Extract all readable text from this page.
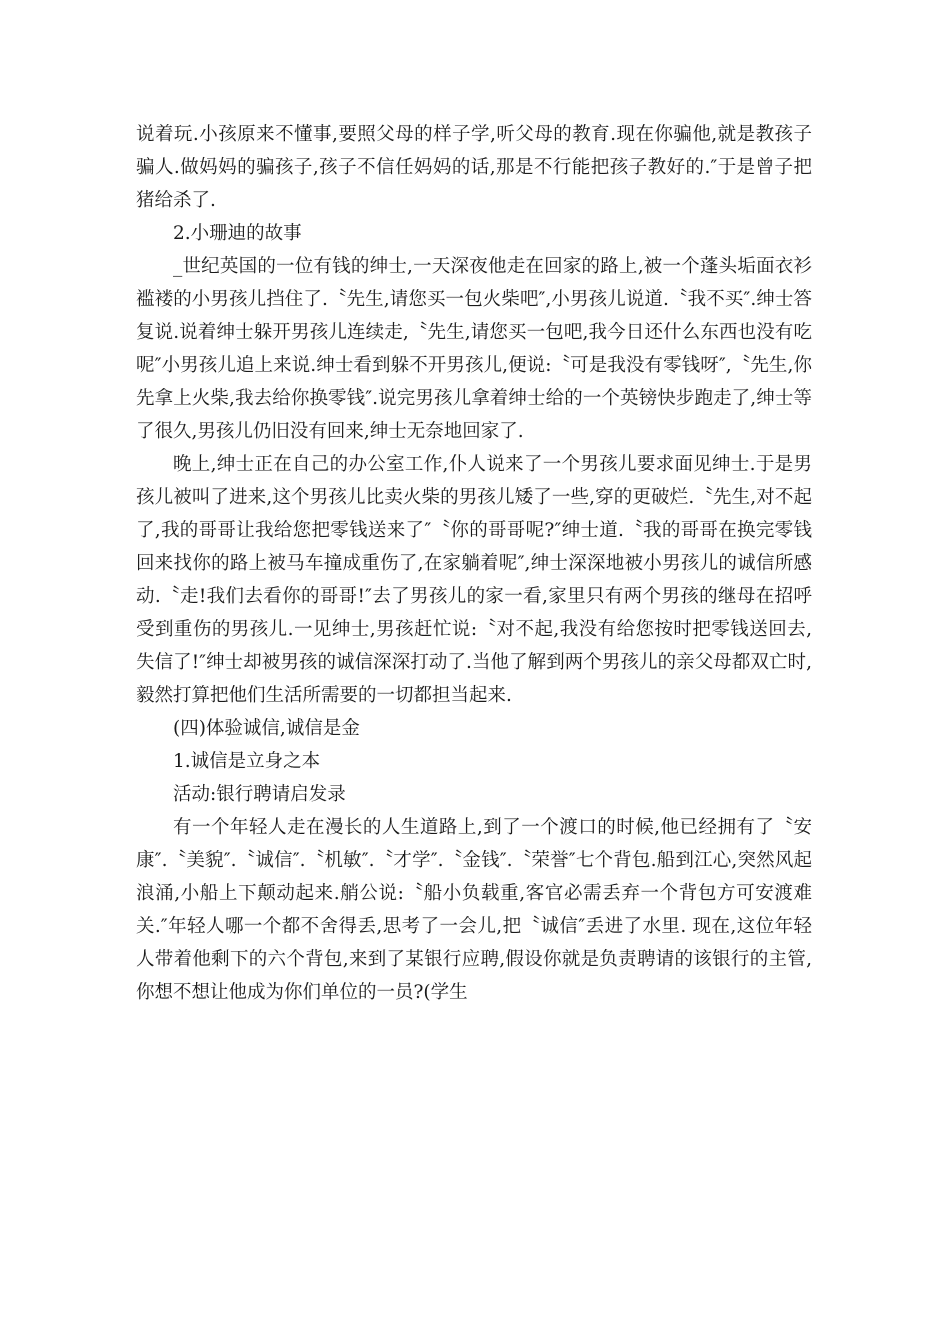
说着玩.小孩原来不懂事,要照父母的样子学,听父母的教育.现在你骗他,就是教孩子骗人.做妈妈的骗孩子,孩子不信任妈妈的话,那是不行能把孩子教好的.″于是曾子把猪给杀了.

2.小珊迪的故事

_世纪英国的一位有钱的绅士,一天深夜他走在回家的路上,被一个蓬头垢面衣衫褴褛的小男孩儿挡住了.〝先生,请您买一包火柴吧″,小男孩儿说道.〝我不买″.绅士答复说.说着绅士躲开男孩儿连续走,〝先生,请您买一包吧,我今日还什么东西也没有吃呢″小男孩儿追上来说.绅士看到躲不开男孩儿,便说:〝可是我没有零钱呀″,〝先生,你先拿上火柴,我去给你换零钱″.说完男孩儿拿着绅士给的一个英镑快步跑走了,绅士等了很久,男孩儿仍旧没有回来,绅士无奈地回家了.

晚上,绅士正在自己的办公室工作,仆人说来了一个男孩儿要求面见绅士.于是男孩儿被叫了进来,这个男孩儿比卖火柴的男孩儿矮了一些,穿的更破烂.〝先生,对不起了,我的哥哥让我给您把零钱送来了″〝你的哥哥呢?″绅士道.〝我的哥哥在换完零钱回来找你的路上被马车撞成重伤了,在家躺着呢″,绅士深深地被小男孩儿的诚信所感动.〝走!我们去看你的哥哥!″去了男孩儿的家一看,家里只有两个男孩的继母在招呼受到重伤的男孩儿.一见绅士,男孩赶忙说:〝对不起,我没有给您按时把零钱送回去,失信了!″绅士却被男孩的诚信深深打动了.当他了解到两个男孩儿的亲父母都双亡时,毅然打算把他们生活所需要的一切都担当起来.

(四)体验诚信,诚信是金

1.诚信是立身之本

活动:银行聘请启发录

有一个年轻人走在漫长的人生道路上,到了一个渡口的时候,他已经拥有了〝安康″.〝美貌″.〝诚信″.〝机敏″.〝才学″.〝金钱″.〝荣誉″七个背包.船到江心,突然风起浪涌,小船上下颠动起来.艄公说:〝船小负载重,客官必需丢弃一个背包方可安渡难关.″年轻人哪一个都不舍得丢,思考了一会儿,把〝诚信″丢进了水里. 现在,这位年轻人带着他剩下的六个背包,来到了某银行应聘,假设你就是负责聘请的该银行的主管,你想不想让他成为你们单位的一员?(学生
